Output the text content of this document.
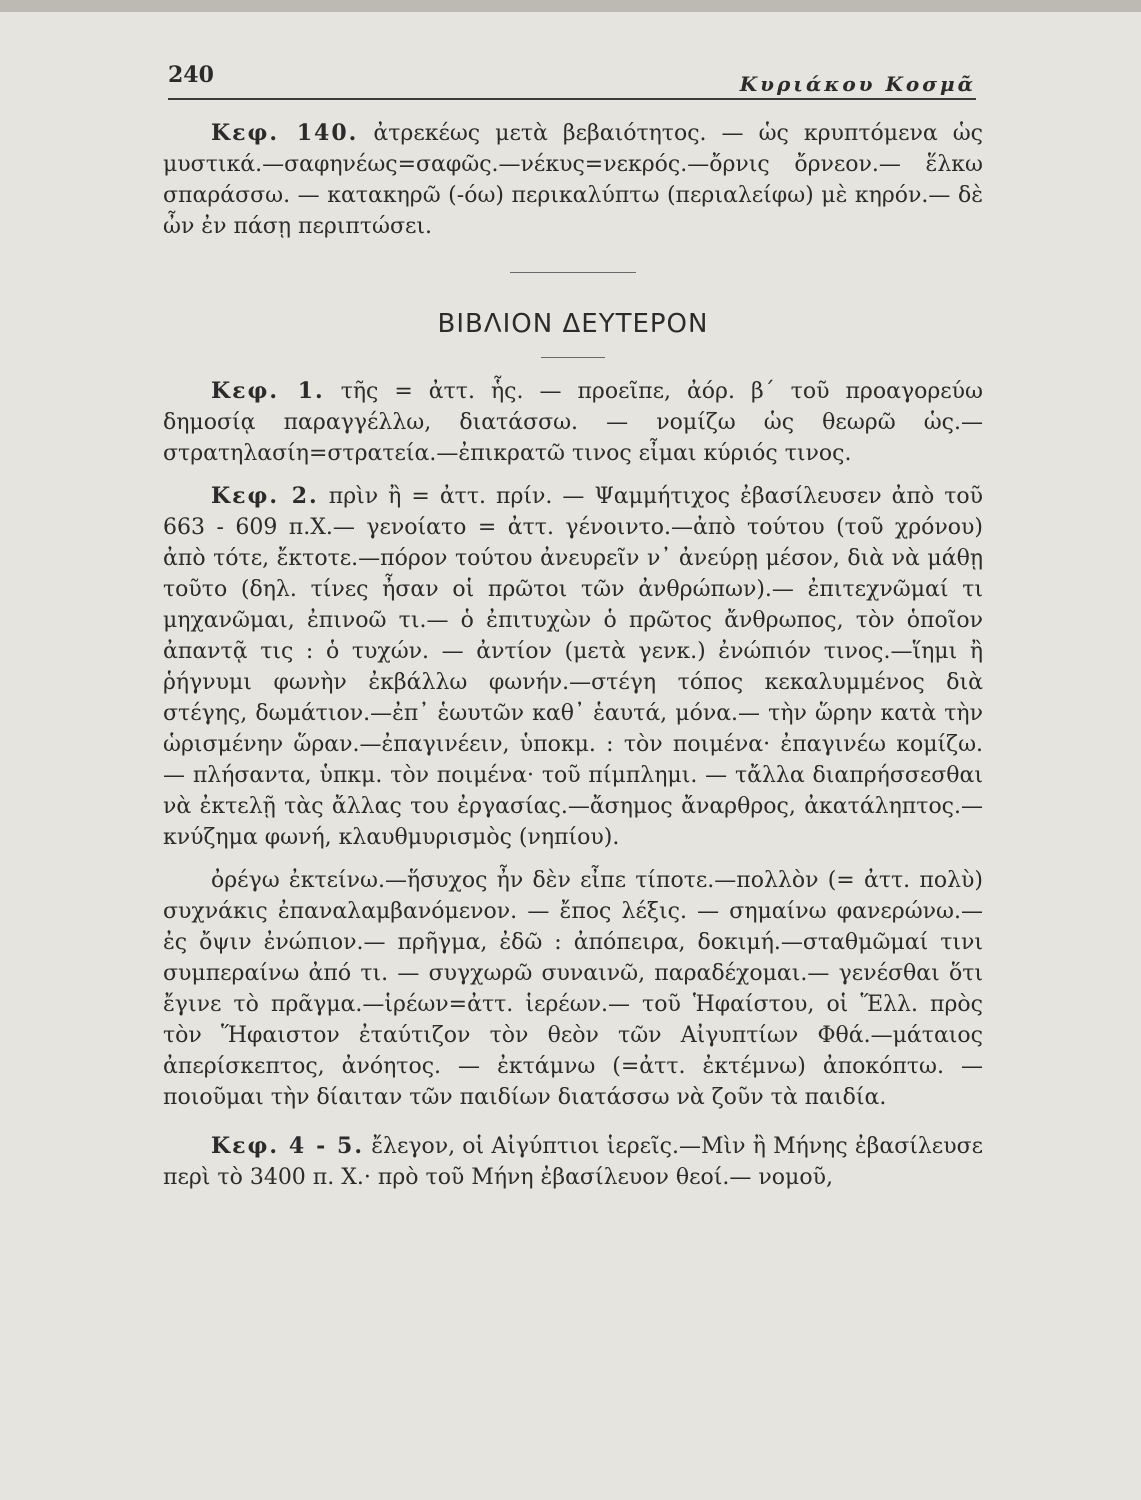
240	Κυριάκου Κοσμᾶ

Κεφ. 140. ἀτρεκέως μετὰ βεβαιότητος. — ὡς κρυπτόμενα ὡς μυστικά.—σαφηνέως=σαφῶς.—νέκυς=νεκρός.—ὄρνις ὄρνεον.— ἕλκω σπαράσσω. — κατακηρῶ (-όω) περικαλύπτω (περιαλείφω) μὲ κηρόν.— δὲ ὦν ἐν πάσῃ περιπτώσει.

ΒΙΒΛΙΟΝ ΔΕΥΤΕΡΟΝ

Κεφ. 1. τῆς = ἀττ. ἧς. — προεῖπε, ἀόρ. β΄ τοῦ προαγορεύω δημοσίᾳ παραγγέλλω, διατάσσω. — νομίζω ὡς θεωρῶ ὡς.— στρατηλασίη=στρατεία.—ἐπικρατῶ τινος εἶμαι κύριός τινος.

Κεφ. 2. πρὶν ἢ = ἀττ. πρίν. — Ψαμμήτιχος ἐβασίλευσεν ἀπὸ τοῦ 663 - 609 π.Χ.— γενοίατο = ἀττ. γένοιντο.—ἀπὸ τούτου (τοῦ χρόνου) ἀπὸ τότε, ἔκτοτε.—πόρον τούτου ἀνευρεῖν ν᾽ ἀνεύρῃ μέσον, διὰ νὰ μάθῃ τοῦτο (δηλ. τίνες ἦσαν οἱ πρῶτοι τῶν ἀνθρώπων).— ἐπιτεχνῶμαί τι μηχανῶμαι, ἐπινοῶ τι.— ὁ ἐπιτυχὼν ὁ πρῶτος ἄνθρωπος, τὸν ὁποῖον ἀπαντᾷ τις : ὁ τυχών. — ἀντίον (μετὰ γενκ.) ἐνώπιόν τινος.—ἵημι ἢ ῥήγνυμι φωνὴν ἐκβάλλω φωνήν.—στέγη τόπος κεκαλυμμένος διὰ στέγης, δωμάτιον.—ἐπ᾽ ἑωυτῶν καθ᾽ ἑαυτά, μόνα.— τὴν ὥρην κατὰ τὴν ὡρισμένην ὥραν.—ἐπαγινέειν, ὑποκμ. : τὸν ποιμένα· ἐπαγινέω κομίζω. — πλήσαντα, ὑπκμ. τὸν ποιμένα· τοῦ πίμπλημι. — τἄλλα διαπρήσσεσθαι νὰ ἐκτελῇ τὰς ἄλλας του ἐργασίας.—ἄσημος ἄναρθρος, ἀκατάληπτος.— κνύζημα φωνή, κλαυθμυρισμὸς (νηπίου).

ὀρέγω ἐκτείνω.—ἥσυχος ἦν δὲν εἶπε τίποτε.—πολλὸν (= ἀττ. πολὺ) συχνάκις ἐπαναλαμβανόμενον. — ἔπος λέξις. — σημαίνω φανερώνω.— ἐς ὄψιν ἐνώπιον.— πρῆγμα, ἐδῶ : ἀπόπειρα, δοκιμή.—σταθμῶμαί τινι συμπεραίνω ἀπό τι. — συγχωρῶ συναινῶ, παραδέχομαι.— γενέσθαι ὅτι ἔγινε τὸ πρᾶγμα.—ἱρέων=ἀττ. ἱερέων.— τοῦ Ἡφαίστου, οἱ Ἕλλ. πρὸς τὸν Ἥφαιστον ἐταύτιζον τὸν θεὸν τῶν Αἰγυπτίων Φθά.—μάταιος ἀπερίσκεπτος, ἀνόητος. — ἐκτάμνω (=ἀττ. ἐκτέμνω) ἀποκόπτω. — ποιοῦμαι τὴν δίαιταν τῶν παιδίων διατάσσω νὰ ζοῦν τὰ παιδία.

Κεφ. 4 - 5. ἔλεγον, οἱ Αἰγύπτιοι ἱερεῖς.—Μὶν ἢ Μήνης ἐβασίλευσε περὶ τὸ 3400 π. Χ.· πρὸ τοῦ Μήνη ἐβασίλευον θεοί.— νομοῦ,
